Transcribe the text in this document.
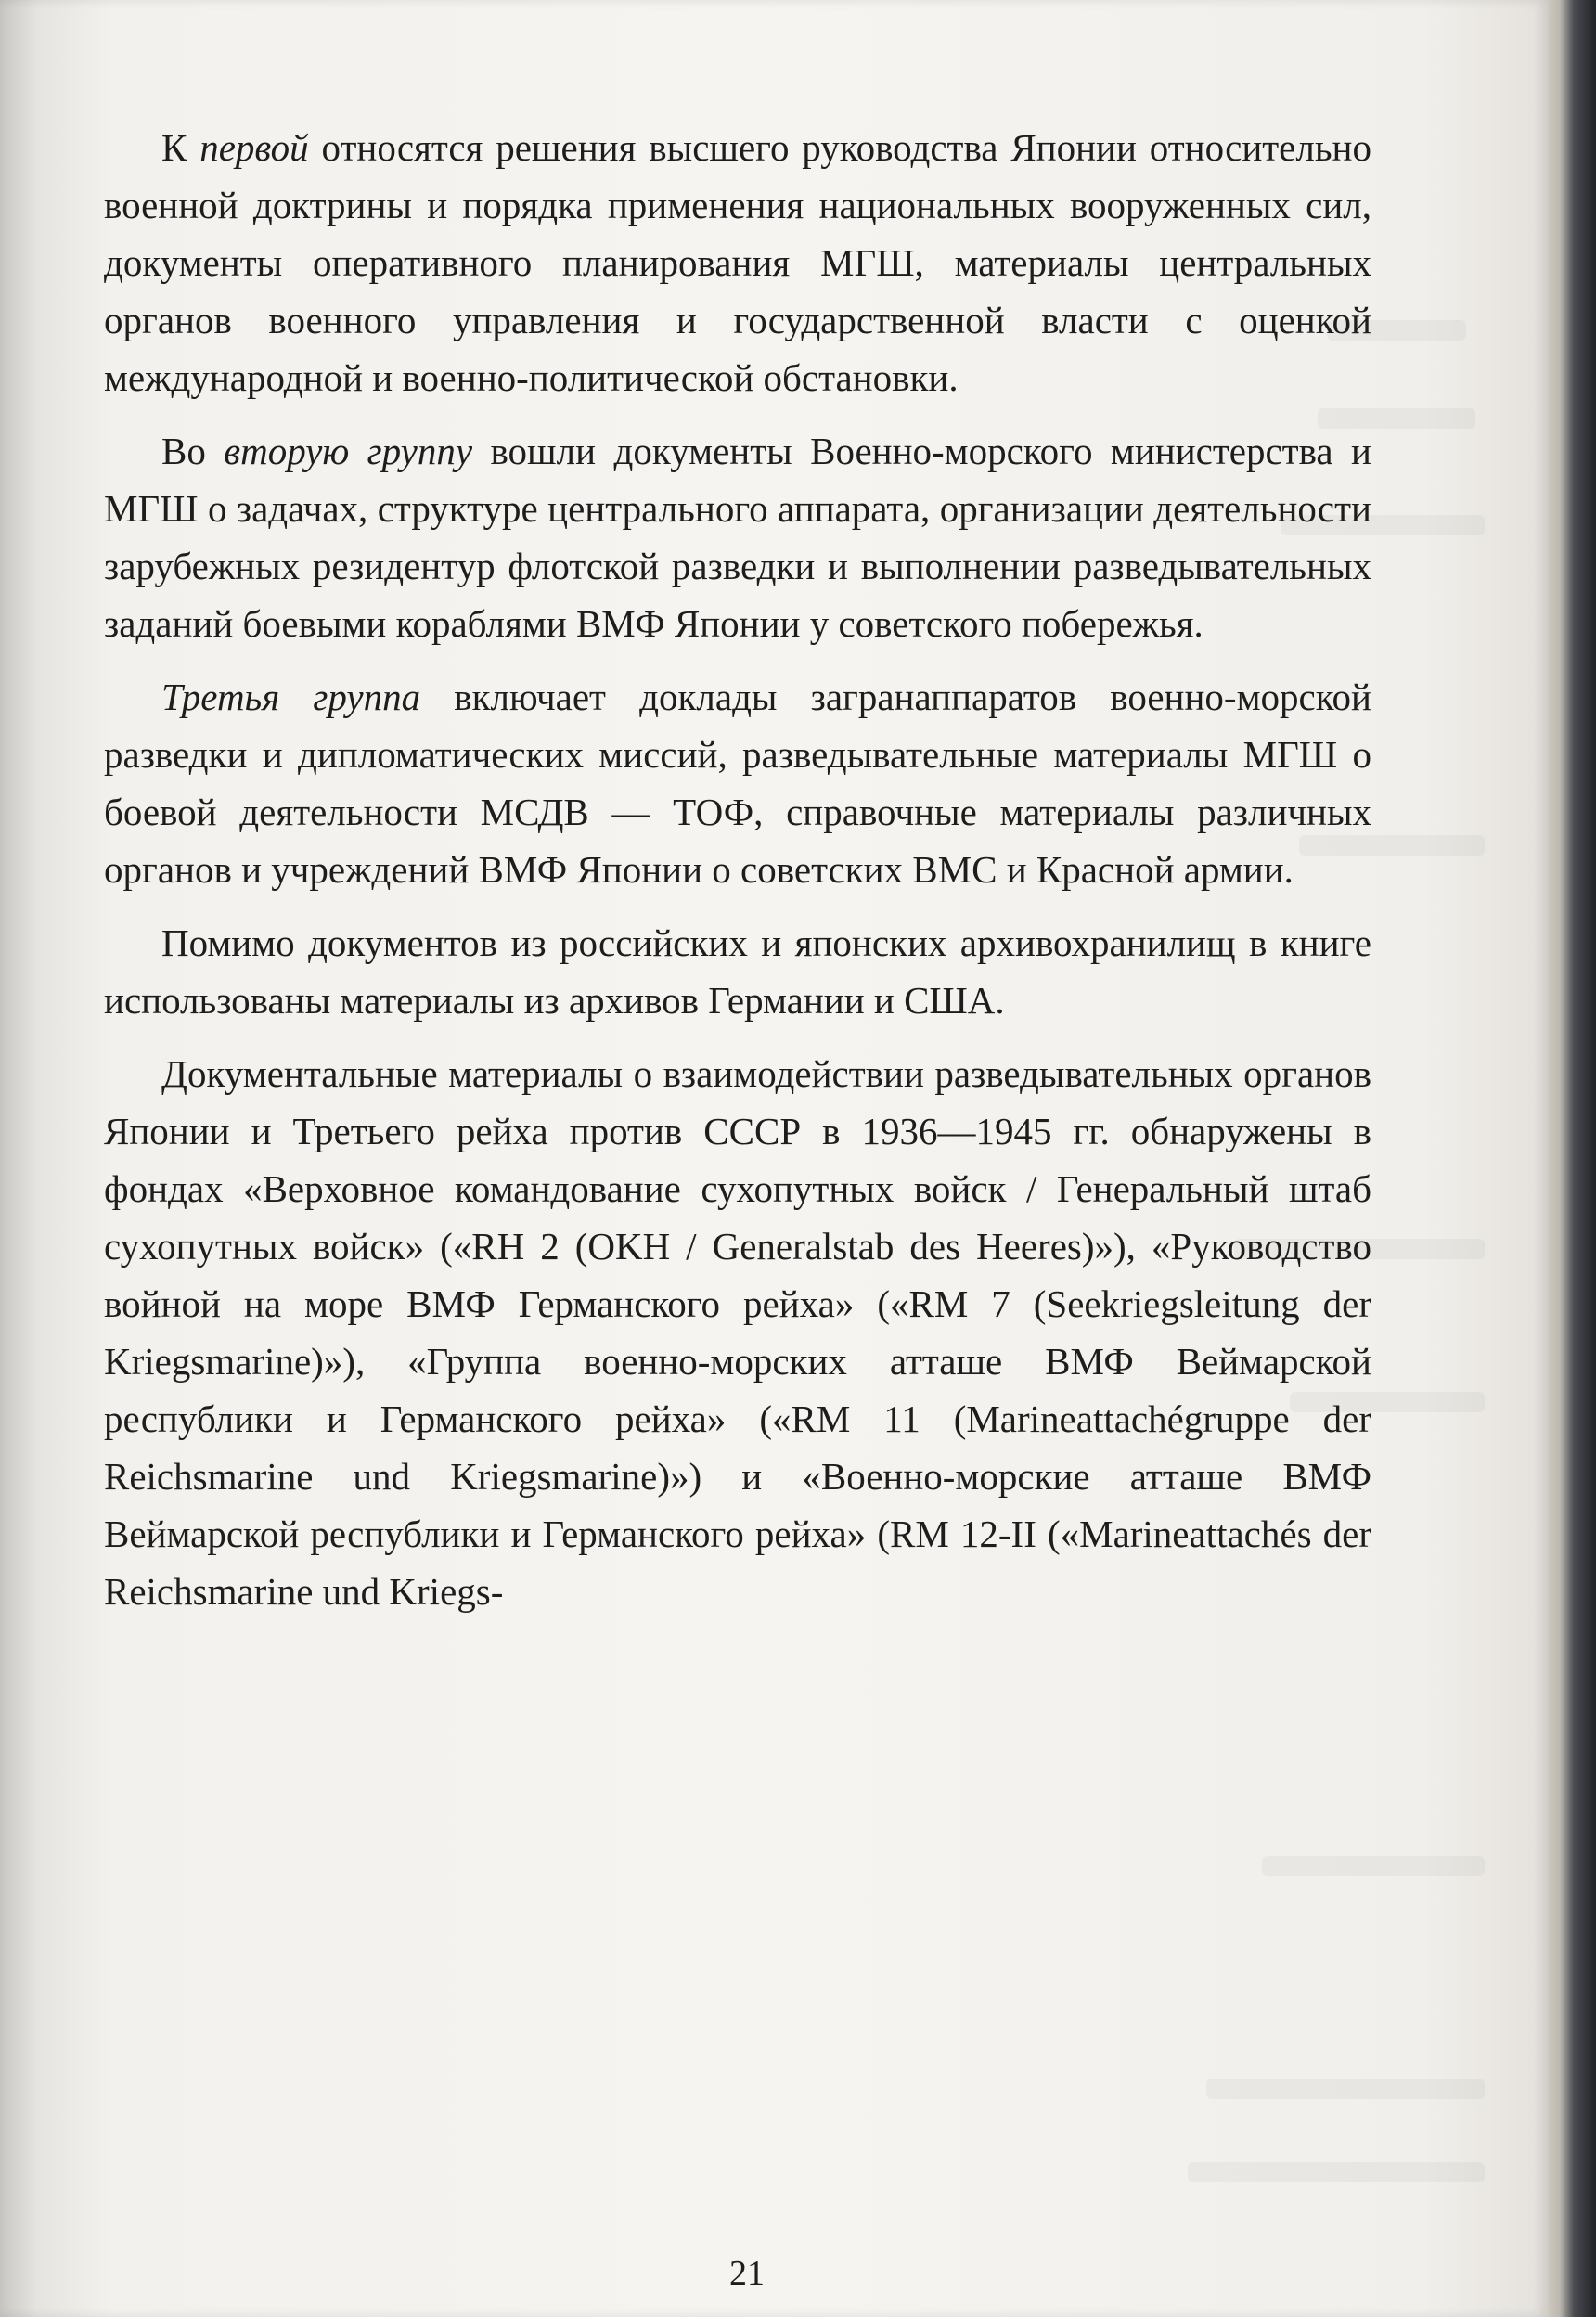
К первой относятся решения высшего руководства Японии относительно военной доктрины и порядка применения национальных вооруженных сил, документы оперативного планирования МГШ, материалы центральных органов военного управления и государственной власти с оценкой международной и военно-политической обстановки.

Во вторую группу вошли документы Военно-морского министерства и МГШ о задачах, структуре центрального аппарата, организации деятельности зарубежных резидентур флотской разведки и выполнении разведывательных заданий боевыми кораблями ВМФ Японии у советского побережья.

Третья группа включает доклады загранаппаратов военно-морской разведки и дипломатических миссий, разведывательные материалы МГШ о боевой деятельности МСДВ — ТОФ, справочные материалы различных органов и учреждений ВМФ Японии о советских ВМС и Красной армии.

Помимо документов из российских и японских архивохранилищ в книге использованы материалы из архивов Германии и США.

Документальные материалы о взаимодействии разведывательных органов Японии и Третьего рейха против СССР в 1936—1945 гг. обнаружены в фондах «Верховное командование сухопутных войск / Генеральный штаб сухопутных войск» («RH 2 (OKH / Generalstab des Heeres)»), «Руководство войной на море ВМФ Германского рейха» («RM 7 (Seekriegsleitung der Kriegsmarine)»), «Группа военно-морских атташе ВМФ Веймарской республики и Германского рейха» («RM 11 (Marineattachégruppe der Reichsmarine und Kriegsmarine)») и «Военно-морские атташе ВМФ Веймарской республики и Германского рейха» (RM 12-II («Marineattachés der Reichsmarine und Kriegs-

21
